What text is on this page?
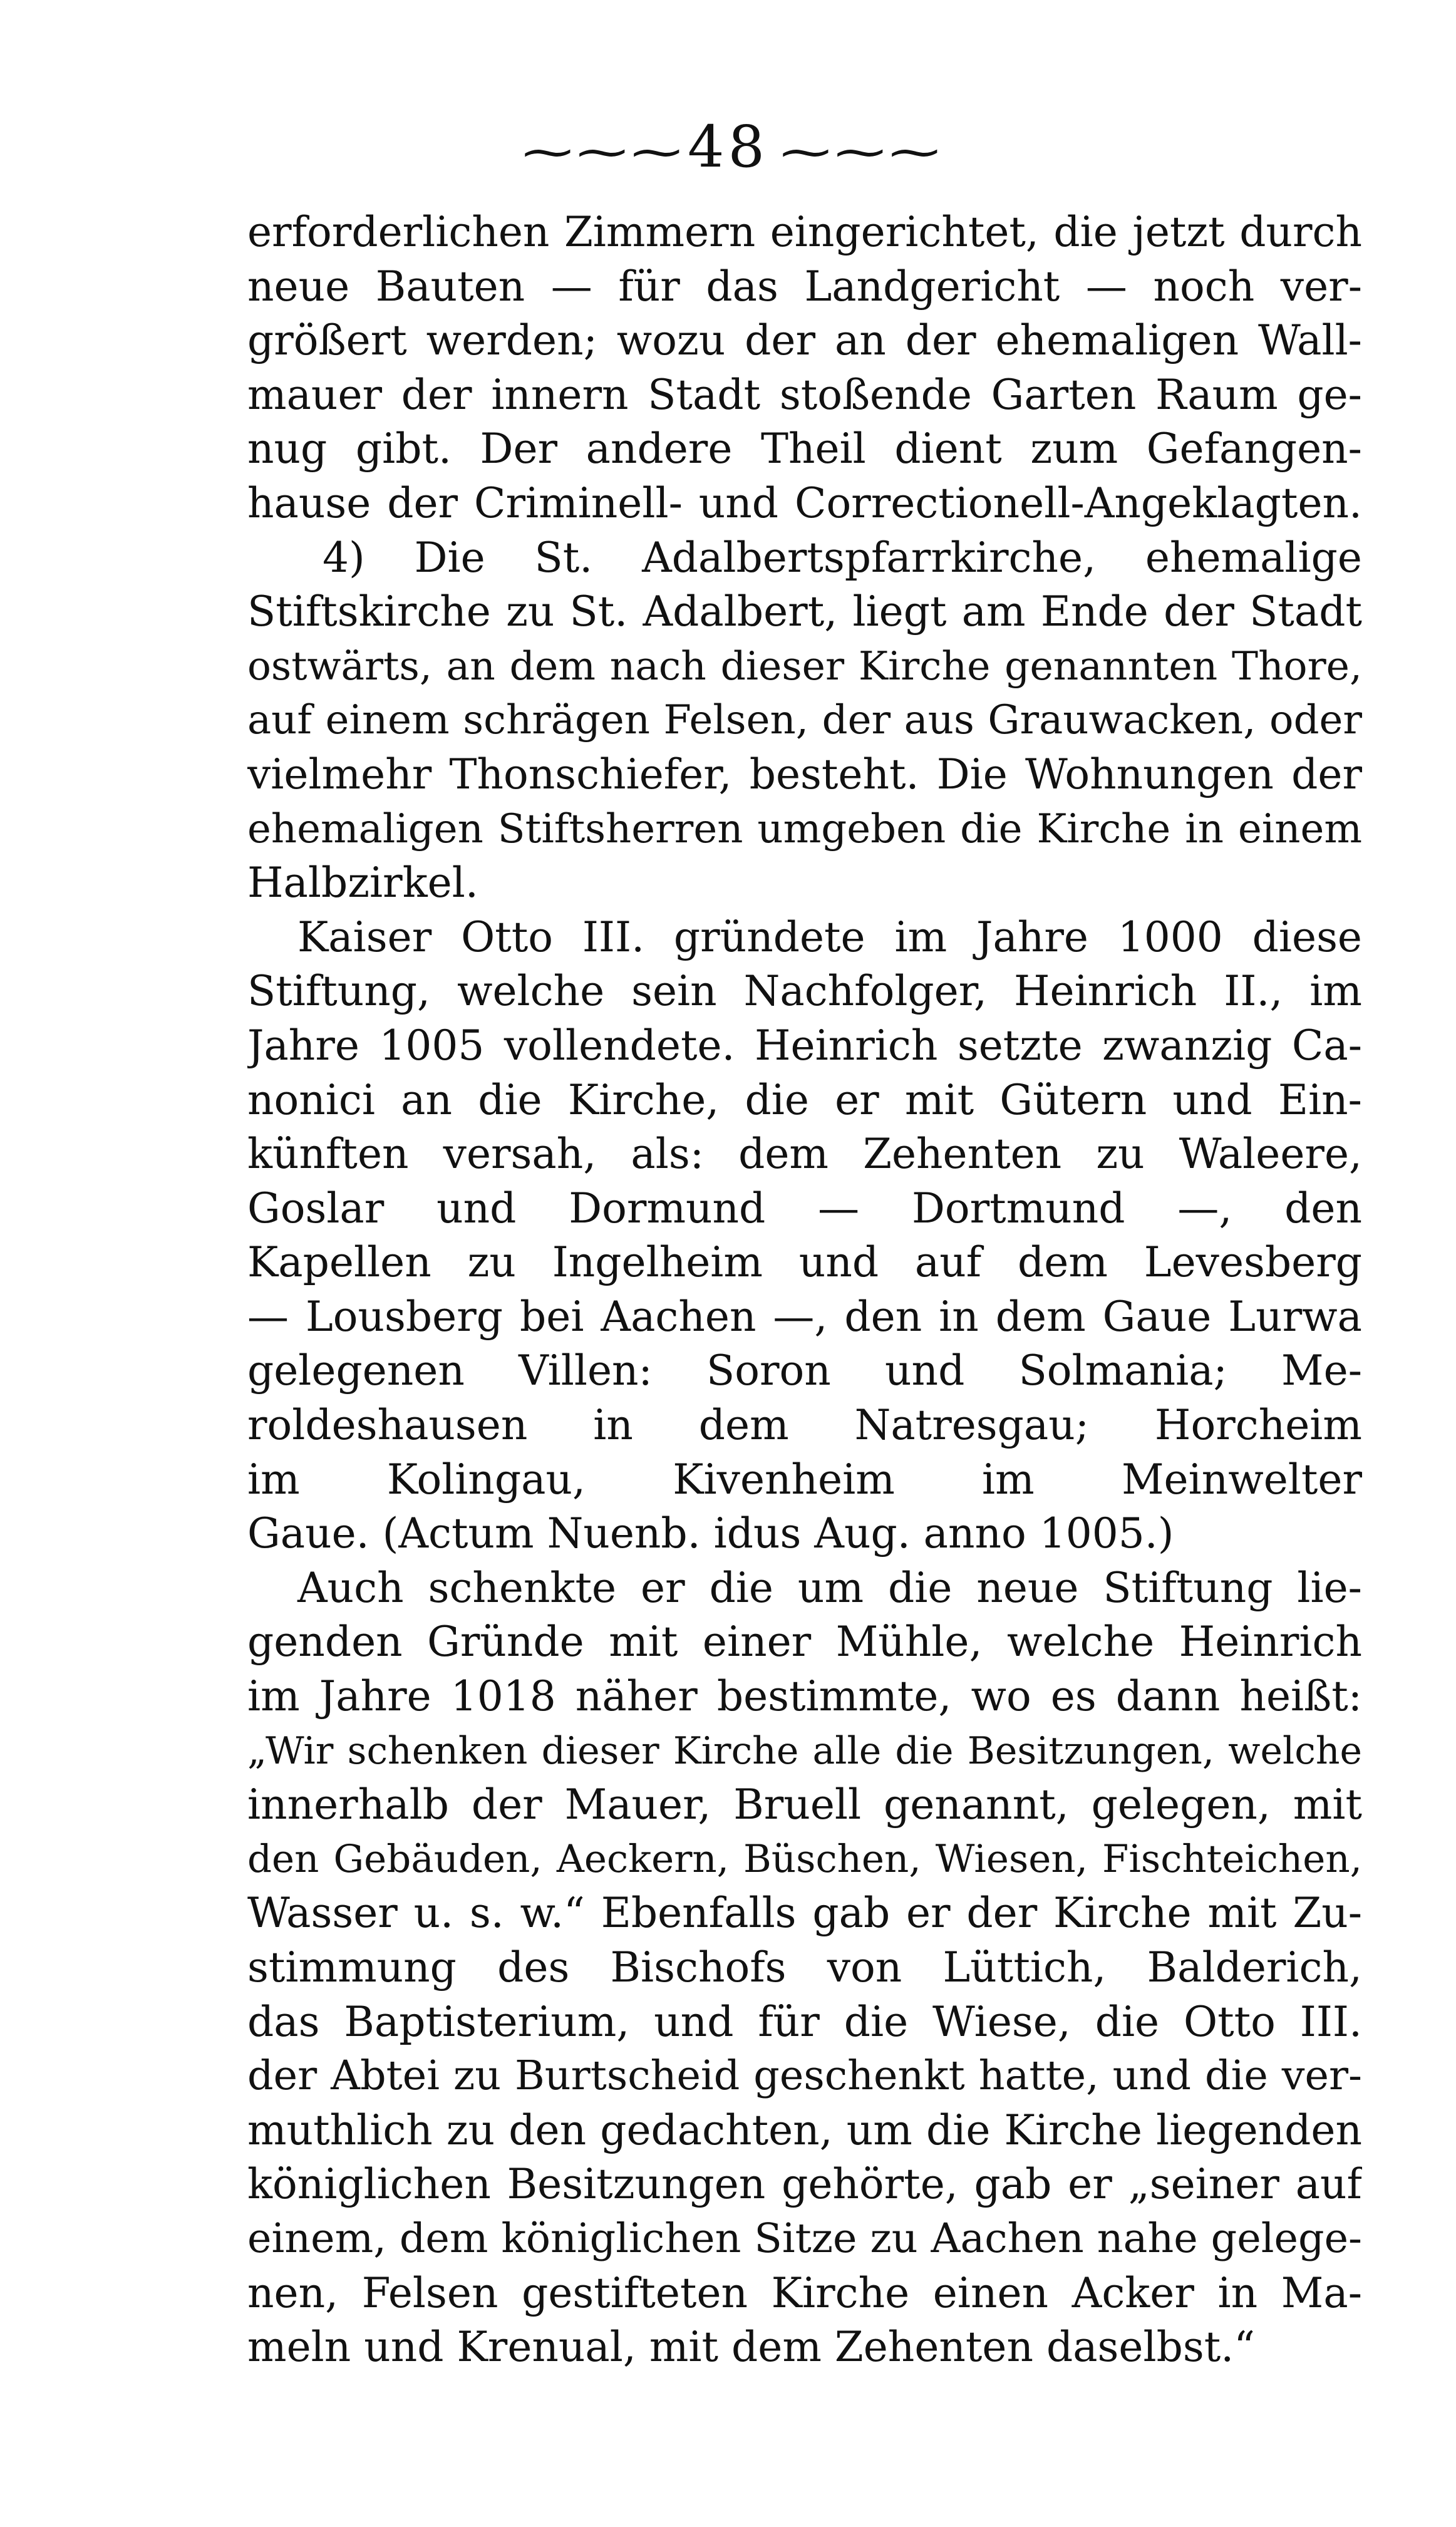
~~~ 48 ~~~
erforderlichen Zimmern eingerichtet, die jetzt durch
neue Bauten — für das Landgericht — noch ver-
größert werden; wozu der an der ehemaligen Wall-
mauer der innern Stadt stoßende Garten Raum ge-
nug gibt. Der andere Theil dient zum Gefangen-
hause der Criminell- und Correctionell-Angeklagten.
4) Die St. Adalbertspfarrkirche, ehemalige
Stiftskirche zu St. Adalbert, liegt am Ende der Stadt
ostwärts, an dem nach dieser Kirche genannten Thore,
auf einem schrägen Felsen, der aus Grauwacken, oder
vielmehr Thonschiefer, besteht. Die Wohnungen der
ehemaligen Stiftsherren umgeben die Kirche in einem
Halbzirkel.
Kaiser Otto III. gründete im Jahre 1000 diese
Stiftung, welche sein Nachfolger, Heinrich II., im
Jahre 1005 vollendete. Heinrich setzte zwanzig Ca-
nonici an die Kirche, die er mit Gütern und Ein-
künften versah, als: dem Zehenten zu Waleere,
Goslar und Dormund — Dortmund —, den
Kapellen zu Ingelheim und auf dem Levesberg
— Lousberg bei Aachen —, den in dem Gaue Lurwa
gelegenen Villen: Soron und Solmania; Me-
roldeshausen in dem Natresgau; Horcheim
im Kolingau, Kivenheim im Meinwelter
Gaue. (Actum Nuenb. idus Aug. anno 1005.)
Auch schenkte er die um die neue Stiftung lie-
genden Gründe mit einer Mühle, welche Heinrich
im Jahre 1018 näher bestimmte, wo es dann heißt:
„Wir schenken dieser Kirche alle die Besitzungen, welche
innerhalb der Mauer, Bruell genannt, gelegen, mit
den Gebäuden, Aeckern, Büschen, Wiesen, Fischteichen,
Wasser u. s. w.“ Ebenfalls gab er der Kirche mit Zu-
stimmung des Bischofs von Lüttich, Balderich,
das Baptisterium, und für die Wiese, die Otto III.
der Abtei zu Burtscheid geschenkt hatte, und die ver-
muthlich zu den gedachten, um die Kirche liegenden
königlichen Besitzungen gehörte, gab er „seiner auf
einem, dem königlichen Sitze zu Aachen nahe gelege-
nen, Felsen gestifteten Kirche einen Acker in Ma-
meln und Krenual, mit dem Zehenten daselbst.“
